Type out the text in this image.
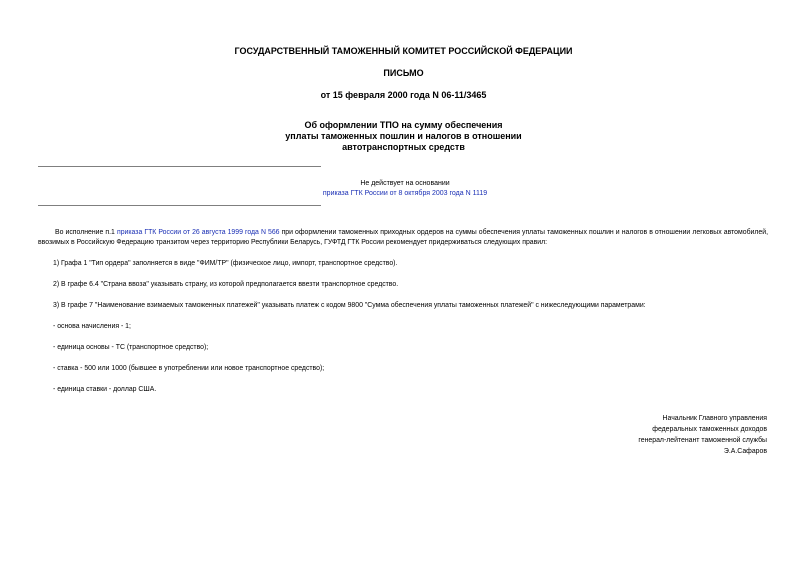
ГОСУДАРСТВЕННЫЙ ТАМОЖЕННЫЙ КОМИТЕТ РОССИЙСКОЙ ФЕДЕРАЦИИ
ПИСЬМО
от 15 февраля 2000 года N 06-11/3465
Об оформлении ТПО на сумму обеспечения
уплаты таможенных пошлин и налогов в отношении
автотранспортных средств
Не действует на основании
приказа ГТК России от 8 октября 2003 года N 1119
Во исполнение п.1 приказа ГТК России от 26 августа 1999 года N 566 при оформлении таможенных приходных ордеров на суммы обеспечения уплаты таможенных пошлин и налогов в отношении легковых автомобилей, ввозимых в Российскую Федерацию транзитом через территорию Республики Беларусь, ГУФТД ГТК России рекомендует придерживаться следующих правил:
1) Графа 1 "Тип ордера" заполняется в виде "ФИМ/ТР" (физическое лицо, импорт, транспортное средство).
2) В графе 6.4 "Страна ввоза" указывать страну, из которой предполагается ввезти транспортное средство.
3) В графе 7 "Наименование взимаемых таможенных платежей" указывать платеж с кодом 9800 "Сумма обеспечения уплаты таможенных платежей" с нижеследующими параметрами:
- основа начисления - 1;
- единица основы - ТС (транспортное средство);
- ставка - 500 или 1000 (бывшее в употреблении или новое транспортное средство);
- единица ставки - доллар США.
Начальник Главного управления
федеральных таможенных доходов
генерал-лейтенант таможенной службы
Э.А.Сафаров
